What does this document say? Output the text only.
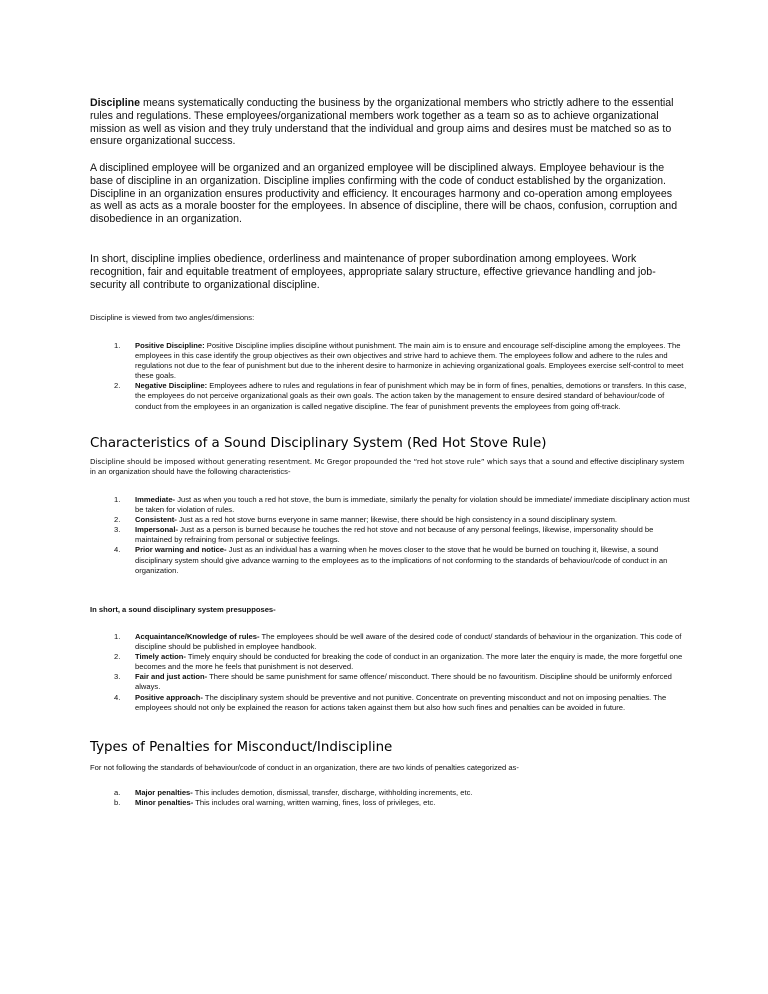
Discipline means systematically conducting the business by the organizational members who strictly adhere to the essential rules and regulations. These employees/organizational members work together as a team so as to achieve organizational mission as well as vision and they truly understand that the individual and group aims and desires must be matched so as to ensure organizational success.

A disciplined employee will be organized and an organized employee will be disciplined always. Employee behaviour is the base of discipline in an organization. Discipline implies confirming with the code of conduct established by the organization. Discipline in an organization ensures productivity and efficiency. It encourages harmony and co-operation among employees as well as acts as a morale booster for the employees. In absence of discipline, there will be chaos, confusion, corruption and disobedience in an organization.

In short, discipline implies obedience, orderliness and maintenance of proper subordination among employees. Work recognition, fair and equitable treatment of employees, appropriate salary structure, effective grievance handling and job-security all contribute to organizational discipline.

Discipline is viewed from two angles/dimensions:

1. Positive Discipline: Positive Discipline implies discipline without punishment. The main aim is to ensure and encourage self-discipline among the employees. The employees in this case identify the group objectives as their own objectives and strive hard to achieve them. The employees follow and adhere to the rules and regulations not due to the fear of punishment but due to the inherent desire to harmonize in achieving organizational goals. Employees exercise self-control to meet these goals.
2. Negative Discipline: Employees adhere to rules and regulations in fear of punishment which may be in form of fines, penalties, demotions or transfers. In this case, the employees do not perceive organizational goals as their own goals. The action taken by the management to ensure desired standard of behaviour/code of conduct from the employees in an organization is called negative discipline. The fear of punishment prevents the employees from going off-track.
Characteristics of a Sound Disciplinary System (Red Hot Stove Rule)

Discipline should be imposed without generating resentment. Mc Gregor propounded the “red hot stove rule” which says that a sound and effective disciplinary system in an organization should have the following characteristics-

1. Immediate- Just as when you touch a red hot stove, the burn is immediate, similarly the penalty for violation should be immediate/ immediate disciplinary action must be taken for violation of rules.
2. Consistent- Just as a red hot stove burns everyone in same manner; likewise, there should be high consistency in a sound disciplinary system.
3. Impersonal- Just as a person is burned because he touches the red hot stove and not because of any personal feelings, likewise, impersonality should be maintained by refraining from personal or subjective feelings.
4. Prior warning and notice- Just as an individual has a warning when he moves closer to the stove that he would be burned on touching it, likewise, a sound disciplinary system should give advance warning to the employees as to the implications of not conforming to the standards of behaviour/code of conduct in an organization.

In short, a sound disciplinary system presupposes-

1. Acquaintance/Knowledge of rules- The employees should be well aware of the desired code of conduct/ standards of behaviour in the organization. This code of discipline should be published in employee handbook.
2. Timely action- Timely enquiry should be conducted for breaking the code of conduct in an organization. The more later the enquiry is made, the more forgetful one becomes and the more he feels that punishment is not deserved.
3. Fair and just action- There should be same punishment for same offence/ misconduct. There should be no favouritism. Discipline should be uniformly enforced always.
4. Positive approach- The disciplinary system should be preventive and not punitive. Concentrate on preventing misconduct and not on imposing penalties. The employees should not only be explained the reason for actions taken against them but also how such fines and penalties can be avoided in future.
Types of Penalties for Misconduct/Indiscipline

For not following the standards of behaviour/code of conduct in an organization, there are two kinds of penalties categorized as-

a. Major penalties- This includes demotion, dismissal, transfer, discharge, withholding increments, etc.
b. Minor penalties- This includes oral warning, written warning, fines, loss of privileges, etc.
